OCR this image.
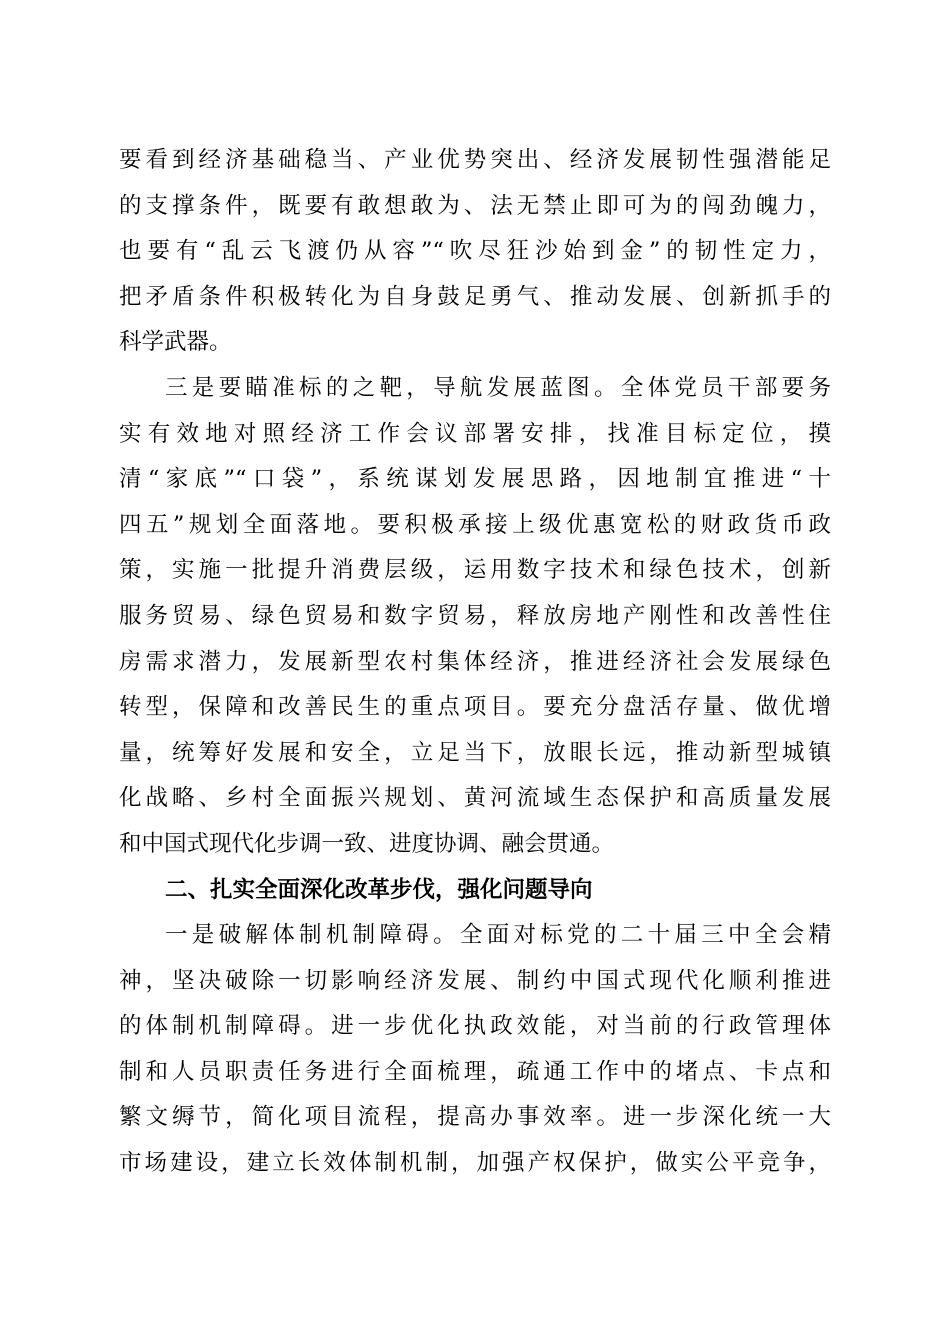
要看到经济基础稳当、产业优势突出、经济发展韧性强潜能足
的支撑条件，既要有敢想敢为、法无禁止即可为的闯劲魄力，
也要有“乱云飞渡仍从容”“吹尽狂沙始到金”的韧性定力，
把矛盾条件积极转化为自身鼓足勇气、推动发展、创新抓手的
科学武器。
三是要瞄准标的之靶，导航发展蓝图。全体党员干部要务
实有效地对照经济工作会议部署安排，找准目标定位，摸
清“家底”“口袋”，系统谋划发展思路，因地制宜推进“十
四五”规划全面落地。要积极承接上级优惠宽松的财政货币政
策，实施一批提升消费层级，运用数字技术和绿色技术，创新
服务贸易、绿色贸易和数字贸易，释放房地产刚性和改善性住
房需求潜力，发展新型农村集体经济，推进经济社会发展绿色
转型，保障和改善民生的重点项目。要充分盘活存量、做优增
量，统筹好发展和安全，立足当下，放眼长远，推动新型城镇
化战略、乡村全面振兴规划、黄河流域生态保护和高质量发展
和中国式现代化步调一致、进度协调、融会贯通。
二、扎实全面深化改革步伐，强化问题导向
一是破解体制机制障碍。全面对标党的二十届三中全会精
神，坚决破除一切影响经济发展、制约中国式现代化顺利推进
的体制机制障碍。进一步优化执政效能，对当前的行政管理体
制和人员职责任务进行全面梳理，疏通工作中的堵点、卡点和
繁文缛节，简化项目流程，提高办事效率。进一步深化统一大
市场建设，建立长效体制机制，加强产权保护，做实公平竞争，
